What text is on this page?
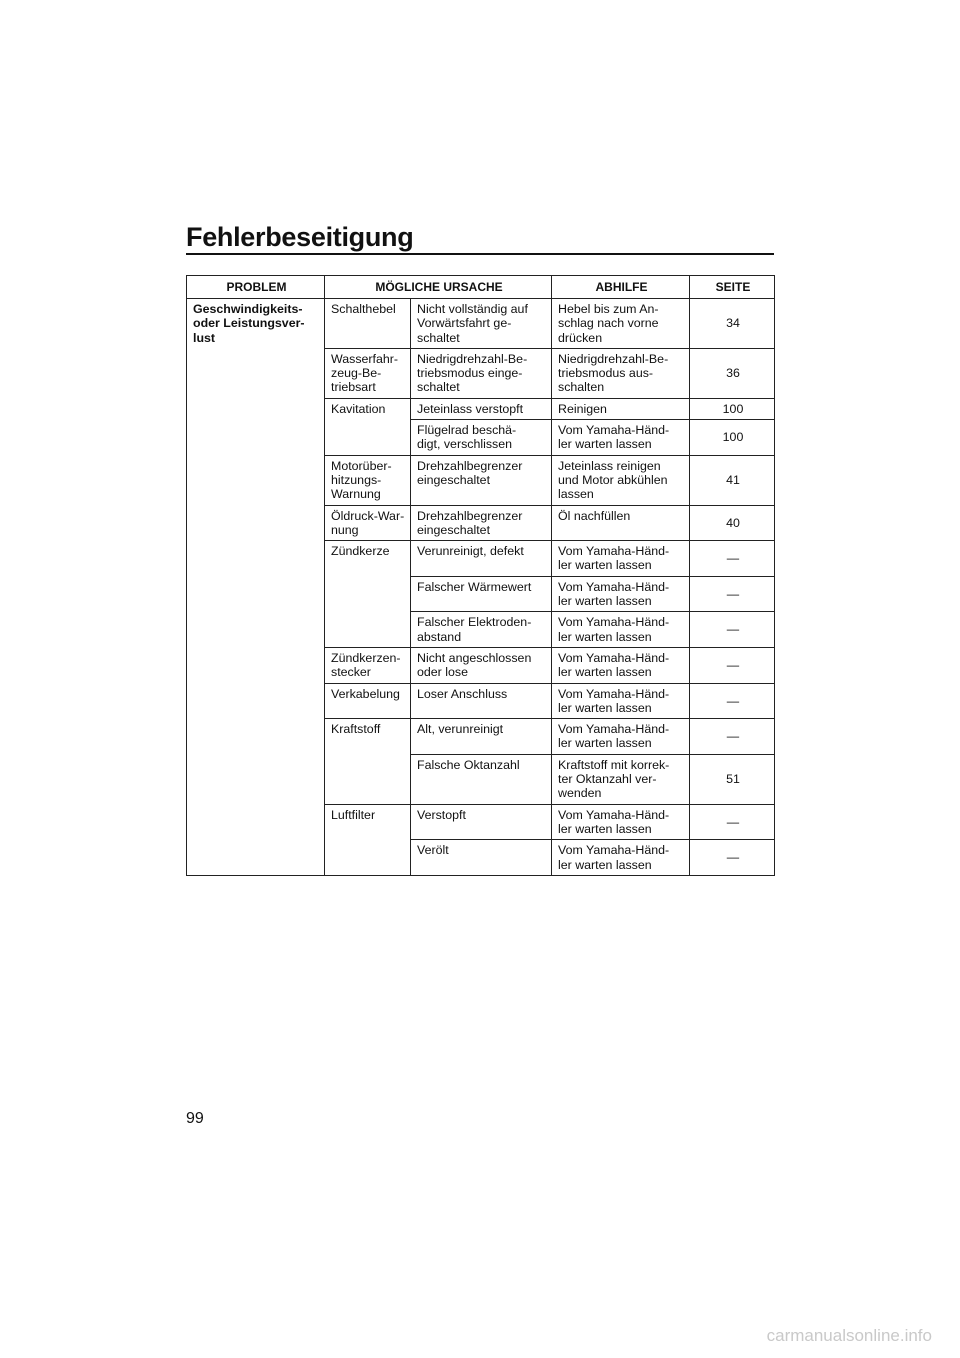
Fehlerbeseitigung
PROBLEM	MÖGLICHE URSACHE		ABHILFE	SEITE
Geschwindigkeits-
oder Leistungsver-
lust	Schalthebel	Nicht vollständig auf
Vorwärtsfahrt ge-
schaltet	Hebel bis zum An-
schlag nach vorne
drücken	34
	Wasserfahr-
zeug-Be-
triebsart	Niedrigdrehzahl-Be-
triebsmodus einge-
schaltet	Niedrigdrehzahl-Be-
triebsmodus aus-
schalten	36
	Kavitation	Jeteinlass verstopft	Reinigen	100
		Flügelrad beschä-
digt, verschlissen	Vom Yamaha-Händ-
ler warten lassen	100
	Motorüber-
hitzungs-
Warnung	Drehzahlbegrenzer
eingeschaltet	Jeteinlass reinigen
und Motor abkühlen
lassen	41
	Öldruck-War-
nung	Drehzahlbegrenzer
eingeschaltet	Öl nachfüllen	40
	Zündkerze	Verunreinigt, defekt	Vom Yamaha-Händ-
ler warten lassen	—
		Falscher Wärmewert	Vom Yamaha-Händ-
ler warten lassen	—
		Falscher Elektroden-
abstand	Vom Yamaha-Händ-
ler warten lassen	—
	Zündkerzen-
stecker	Nicht angeschlossen
oder lose	Vom Yamaha-Händ-
ler warten lassen	—
	Verkabelung	Loser Anschluss	Vom Yamaha-Händ-
ler warten lassen	—
	Kraftstoff	Alt, verunreinigt	Vom Yamaha-Händ-
ler warten lassen	—
		Falsche Oktanzahl	Kraftstoff mit korrek-
ter Oktanzahl ver-
wenden	51
	Luftfilter	Verstopft	Vom Yamaha-Händ-
ler warten lassen	—
		Verölt	Vom Yamaha-Händ-
ler warten lassen	—
99
carmanualsonline.info
